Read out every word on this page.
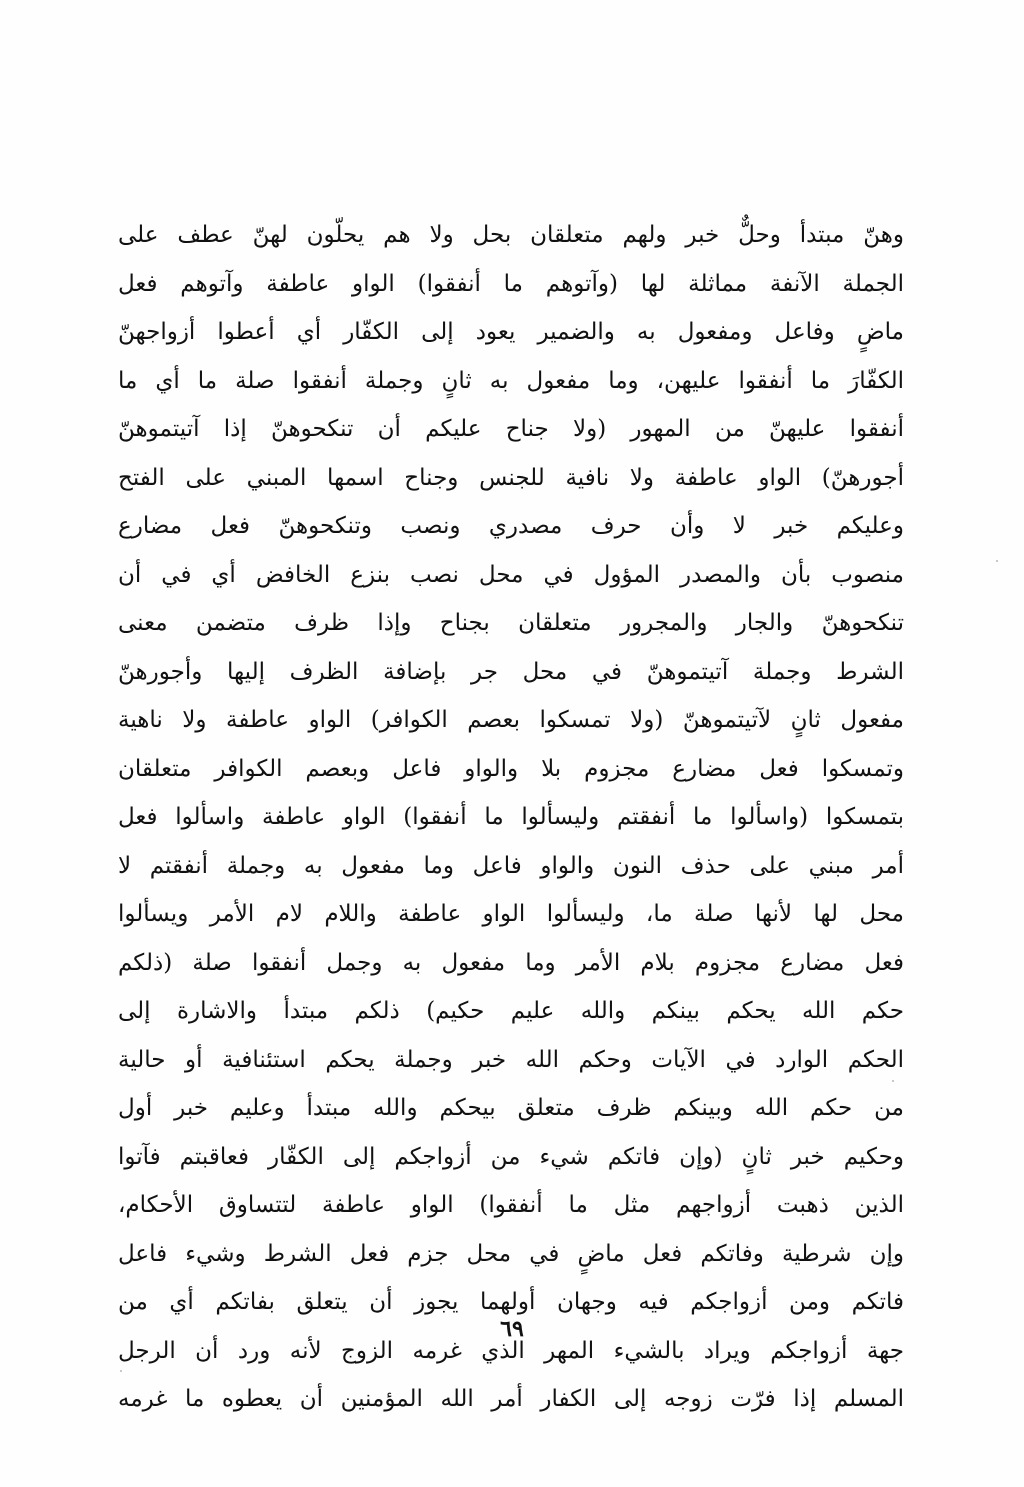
وهنّ مبتدأ وحلٌّ خبر ولهم متعلقان بحل ولا هم يحلّون لهنّ عطف على
الجملة الآنفة مماثلة لها (وآتوهم ما أنفقوا) الواو عاطفة وآتوهم فعل
ماضٍ وفاعل ومفعول به والضمير يعود إلى الكفّار أي أعطوا أزواجهنّ
الكفّارَ ما أنفقوا عليهن، وما مفعول به ثانٍ وجملة أنفقوا صلة ما أي ما
أنفقوا عليهنّ من المهور (ولا جناح عليكم أن تنكحوهنّ إذا آتيتموهنّ
أجورهنّ) الواو عاطفة ولا نافية للجنس وجناح اسمها المبني على الفتح
وعليكم خبر لا وأن حرف مصدري ونصب وتنكحوهنّ فعل مضارع
منصوب بأن والمصدر المؤول في محل نصب بنزع الخافض أي في أن
تنكحوهنّ والجار والمجرور متعلقان بجناح وإذا ظرف متضمن معنى
الشرط وجملة آتيتموهنّ في محل جر بإضافة الظرف إليها وأجورهنّ
مفعول ثانٍ لآتيتموهنّ (ولا تمسكوا بعصم الكوافر) الواو عاطفة ولا ناهية
وتمسكوا فعل مضارع مجزوم بلا والواو فاعل وبعصم الكوافر متعلقان
بتمسكوا (واسألوا ما أنفقتم وليسألوا ما أنفقوا) الواو عاطفة واسألوا فعل
أمر مبني على حذف النون والواو فاعل وما مفعول به وجملة أنفقتم لا
محل لها لأنها صلة ما، وليسألوا الواو عاطفة واللام لام الأمر ويسألوا
فعل مضارع مجزوم بلام الأمر وما مفعول به وجمل أنفقوا صلة (ذلكم
حكم الله يحكم بينكم والله عليم حكيم) ذلكم مبتدأ والاشارة إلى
الحكم الوارد في الآيات وحكم الله خبر وجملة يحكم استئنافية أو حالية
من حكم الله وبينكم ظرف متعلق بيحكم والله مبتدأ وعليم خبر أول
وحكيم خبر ثانٍ (وإن فاتكم شيء من أزواجكم إلى الكفّار فعاقبتم فآتوا
الذين ذهبت أزواجهم مثل ما أنفقوا) الواو عاطفة لتتساوق الأحكام،
وإن شرطية وفاتكم فعل ماضٍ في محل جزم فعل الشرط وشيء فاعل
فاتكم ومن أزواجكم فيه وجهان أولهما يجوز أن يتعلق بفاتكم أي من
جهة أزواجكم ويراد بالشيء المهر الذي غرمه الزوج لأنه ورد أن الرجل
المسلم إذا فرّت زوجه إلى الكفار أمر الله المؤمنين أن يعطوه ما غرمه
٦٩
